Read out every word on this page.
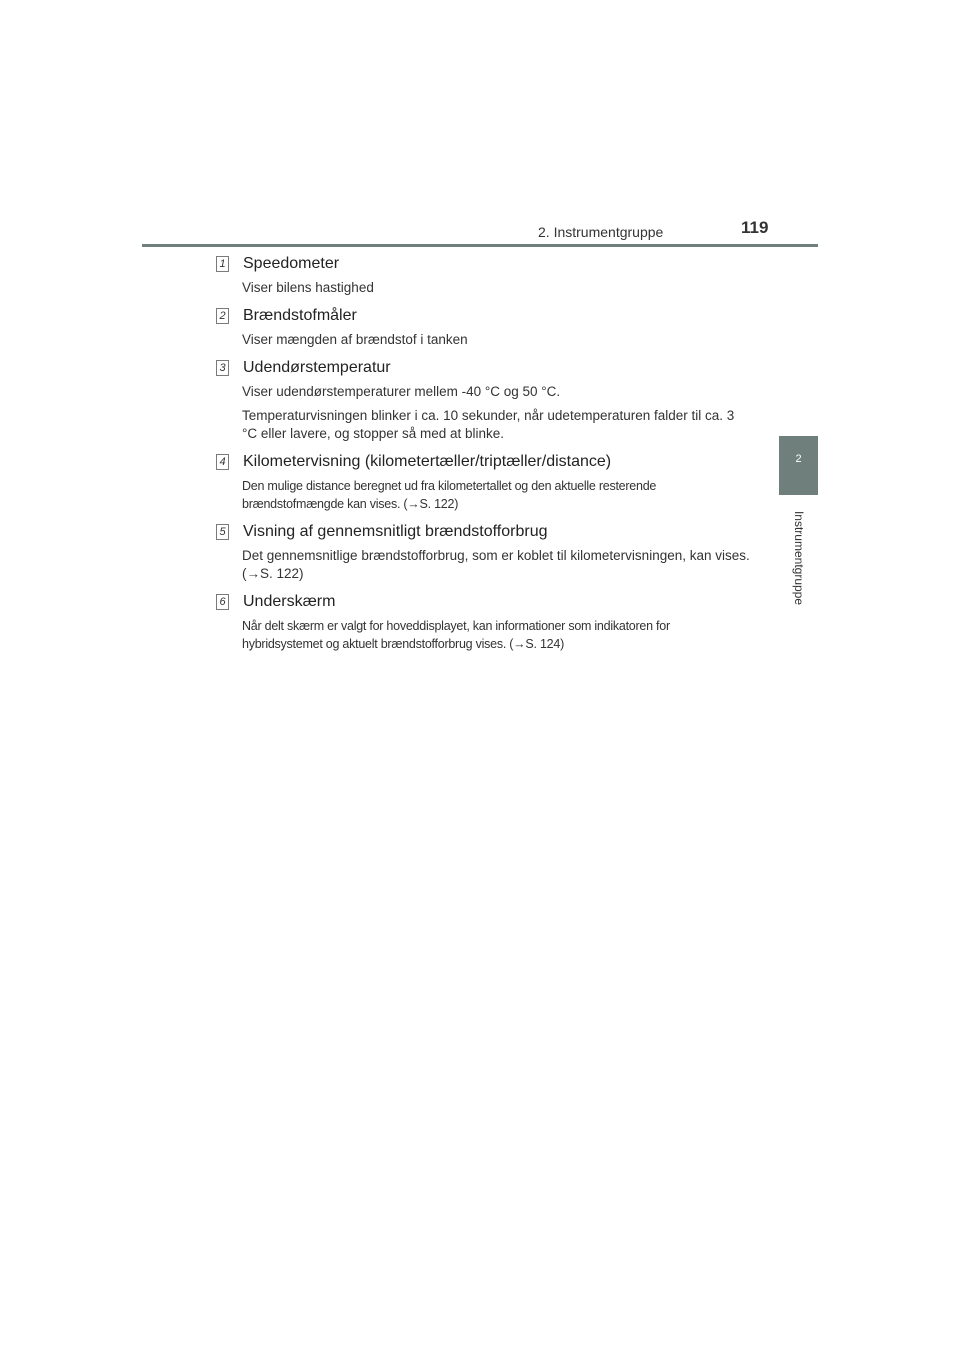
2. Instrumentgruppe	119
2
Instrumentgruppe
1 Speedometer

Viser bilens hastighed

2 Brændstofmåler

Viser mængden af brændstof i tanken

3 Udendørstemperatur

Viser udendørstemperaturer mellem -40 °C og 50 °C.

Temperaturvisningen blinker i ca. 10 sekunder, når udetemperaturen falder til ca. 3 °C eller lavere, og stopper så med at blinke.

4 Kilometervisning (kilometertæller/triptæller/distance)

Den mulige distance beregnet ud fra kilometertallet og den aktuelle resterende brændstofmængde kan vises. (→S. 122)

5 Visning af gennemsnitligt brændstofforbrug

Det gennemsnitlige brændstofforbrug, som er koblet til kilometervisningen, kan vises. (→S. 122)

6 Underskærm

Når delt skærm er valgt for hoveddisplayet, kan informationer som indikatoren for hybridsystemet og aktuelt brændstofforbrug vises. (→S. 124)
